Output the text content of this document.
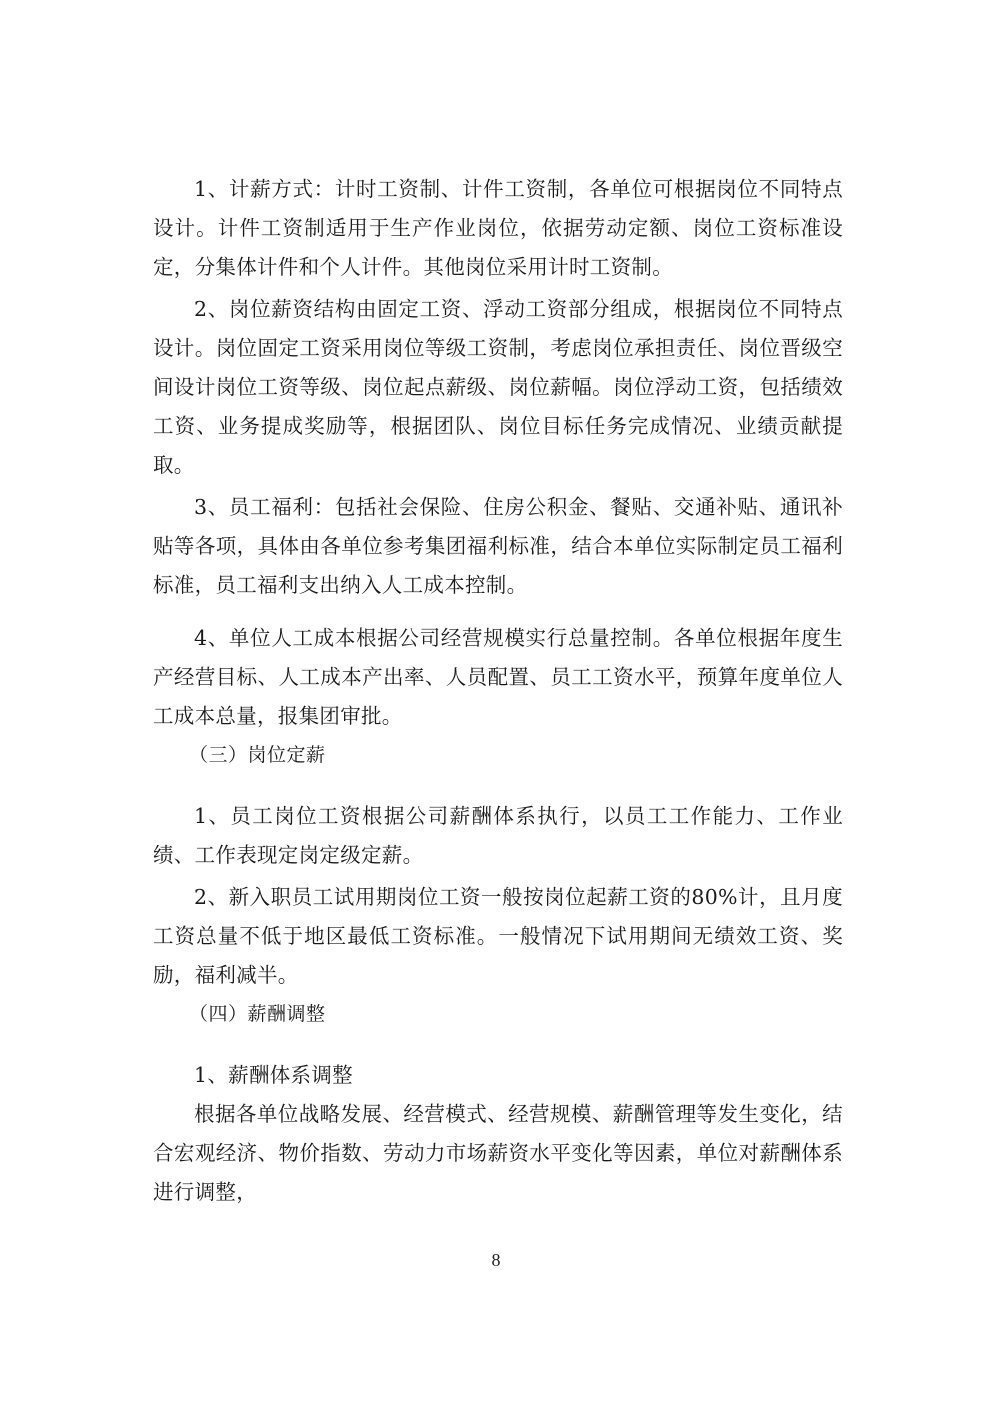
1、计薪方式：计时工资制、计件工资制，各单位可根据岗位不同特点设计。计件工资制适用于生产作业岗位，依据劳动定额、岗位工资标准设定，分集体计件和个人计件。其他岗位采用计时工资制。

2、岗位薪资结构由固定工资、浮动工资部分组成，根据岗位不同特点设计。岗位固定工资采用岗位等级工资制，考虑岗位承担责任、岗位晋级空间设计岗位工资等级、岗位起点薪级、岗位薪幅。岗位浮动工资，包括绩效工资、业务提成奖励等，根据团队、岗位目标任务完成情况、业绩贡献提取。

3、员工福利：包括社会保险、住房公积金、餐贴、交通补贴、通讯补贴等各项，具体由各单位参考集团福利标准，结合本单位实际制定员工福利标准，员工福利支出纳入人工成本控制。

4、单位人工成本根据公司经营规模实行总量控制。各单位根据年度生产经营目标、人工成本产出率、人员配置、员工工资水平，预算年度单位人工成本总量，报集团审批。

（三）岗位定薪

1、员工岗位工资根据公司薪酬体系执行，以员工工作能力、工作业绩、工作表现定岗定级定薪。

2、新入职员工试用期岗位工资一般按岗位起薪工资的80%计，且月度工资总量不低于地区最低工资标准。一般情况下试用期间无绩效工资、奖励，福利减半。

（四）薪酬调整

1、薪酬体系调整

根据各单位战略发展、经营模式、经营规模、薪酬管理等发生变化，结合宏观经济、物价指数、劳动力市场薪资水平变化等因素，单位对薪酬体系进行调整，

8
